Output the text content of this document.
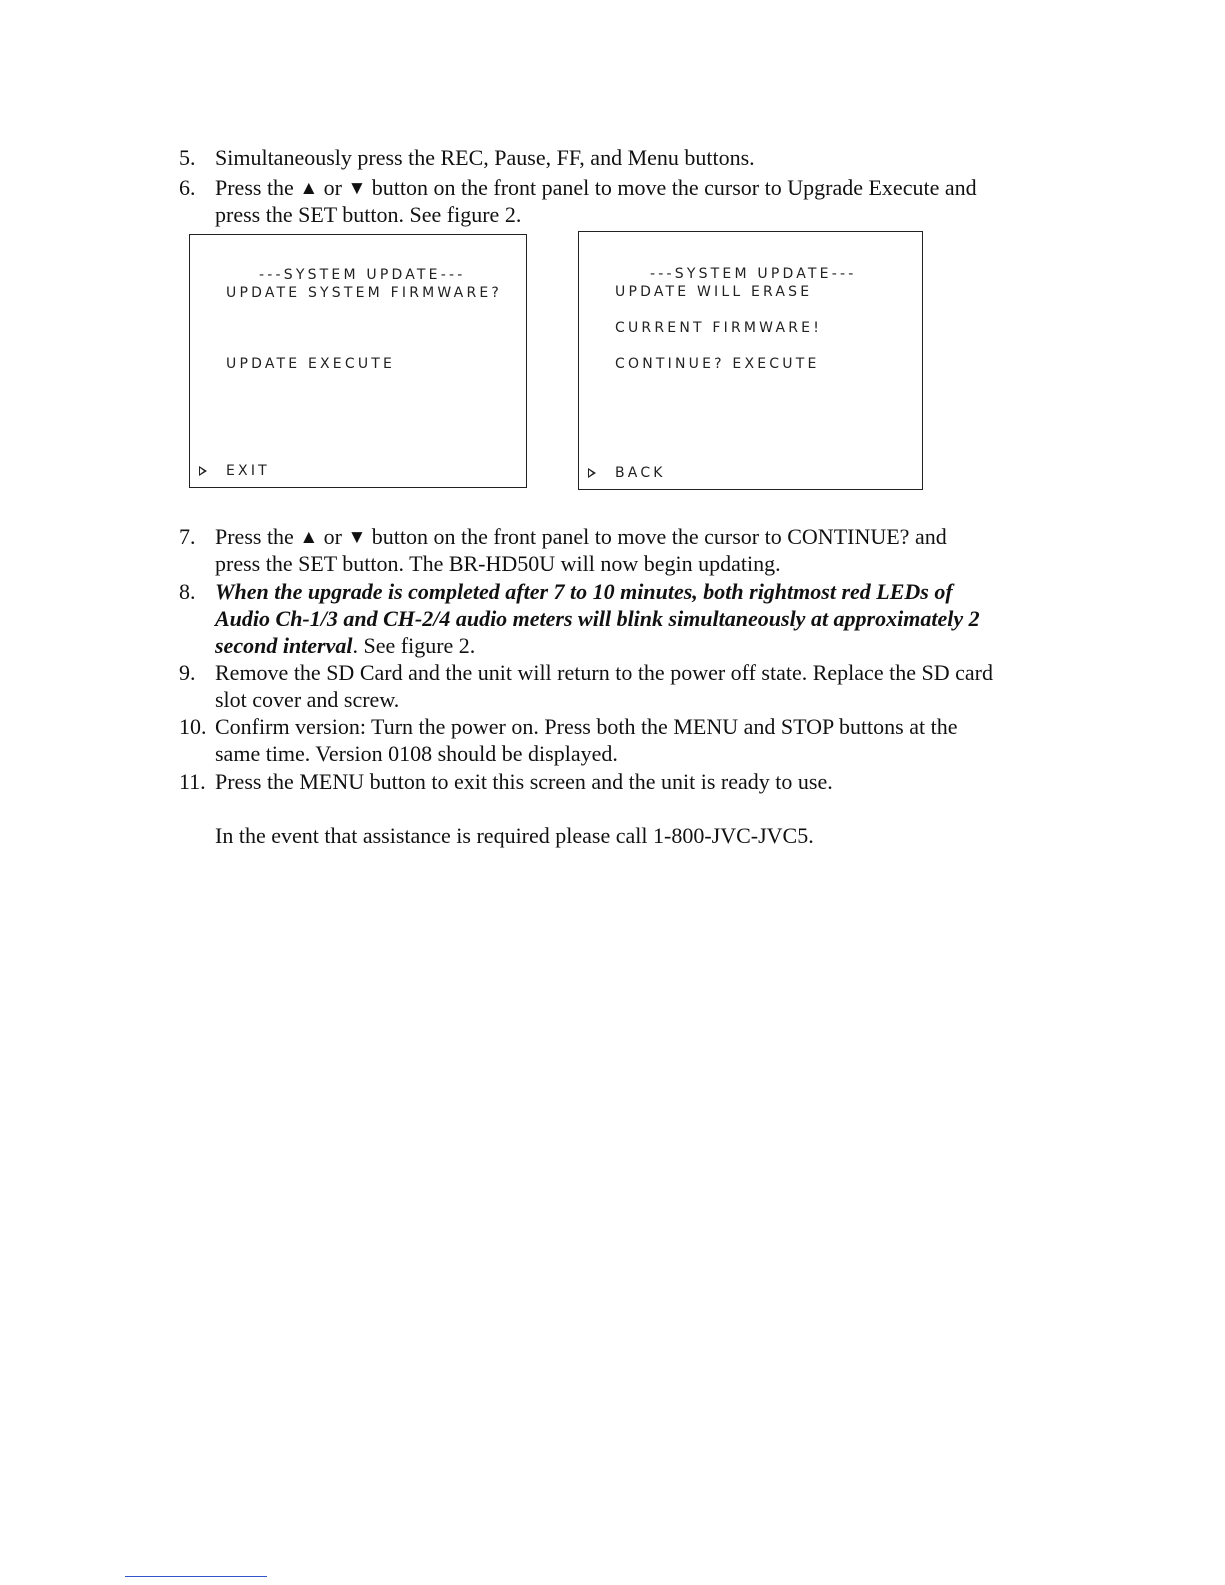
5. Simultaneously press the REC, Pause, FF, and Menu buttons.
6. Press the ▲ or ▼ button on the front panel to move the cursor to Upgrade Execute and
press the SET button. See figure 2.
---SYSTEM UPDATE---
UPDATE SYSTEM FIRMWARE?
UPDATE EXECUTE
EXIT
---SYSTEM UPDATE---
UPDATE WILL ERASE
CURRENT FIRMWARE!
CONTINUE? EXECUTE
BACK
7. Press the ▲ or ▼ button on the front panel to move the cursor to CONTINUE? and
press the SET button. The BR-HD50U will now begin updating.
8. When the upgrade is completed after 7 to 10 minutes, both rightmost red LEDs of
Audio Ch-1/3 and CH-2/4 audio meters will blink simultaneously at approximately 2
second interval. See figure 2.
9. Remove the SD Card and the unit will return to the power off state. Replace the SD card
slot cover and screw.
10. Confirm version: Turn the power on. Press both the MENU and STOP buttons at the
same time. Version 0108 should be displayed.
11. Press the MENU button to exit this screen and the unit is ready to use.
In the event that assistance is required please call 1-800-JVC-JVC5.
